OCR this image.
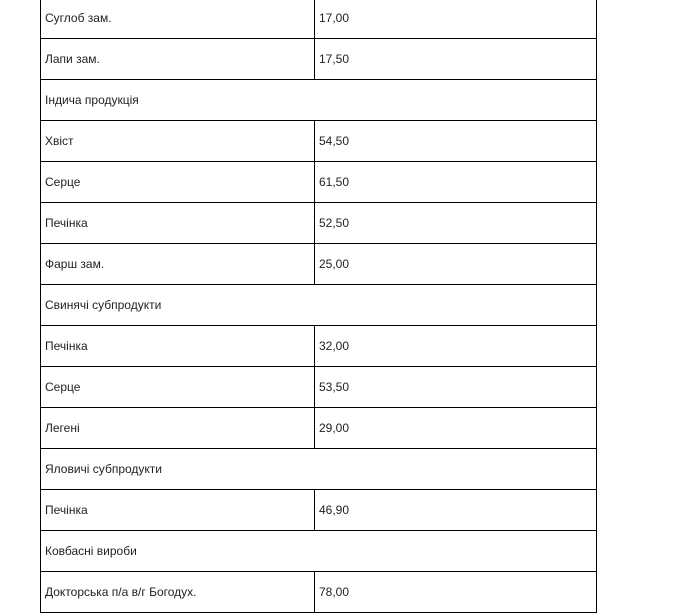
Суглоб зам.	17,00
Лапи зам.	17,50
Індича продукція	
Хвіст	54,50
Серце	61,50
Печінка	52,50
Фарш зам.	25,00
Свинячі субпродукти	
Печінка	32,00
Серце	53,50
Легені	29,00
Яловичі субпродукти	
Печінка	46,90
Ковбасні вироби	
Докторська п/а в/г Богодух.	78,00
